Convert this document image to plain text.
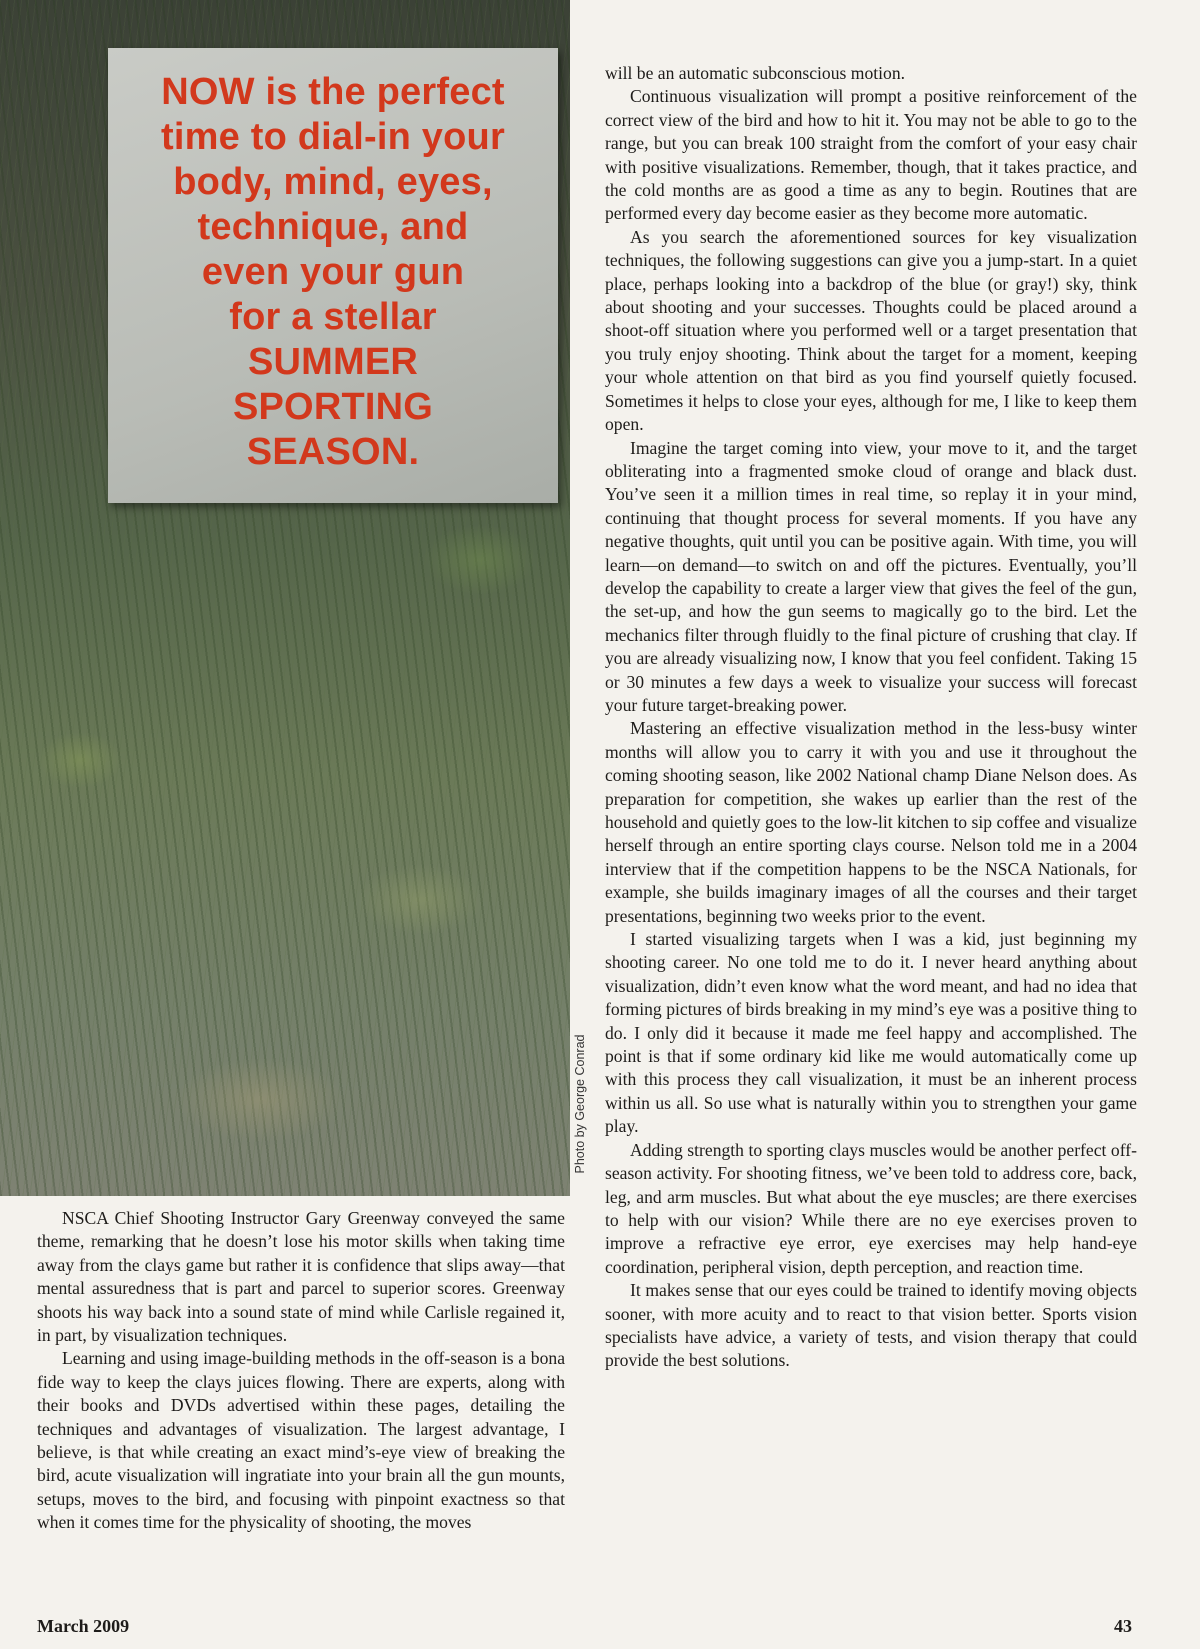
NOW is the perfect
time to dial-in your
body, mind, eyes,
technique, and
even your gun
for a stellar
SUMMER
SPORTING
SEASON.
Photo by George Conrad

will be an automatic subconscious motion.

Continuous visualization will prompt a positive reinforcement of the correct view of the bird and how to hit it. You may not be able to go to the range, but you can break 100 straight from the comfort of your easy chair with positive visualizations. Remember, though, that it takes practice, and the cold months are as good a time as any to begin. Routines that are performed every day become easier as they become more automatic.

As you search the aforementioned sources for key visualization techniques, the following suggestions can give you a jump-start. In a quiet place, perhaps looking into a backdrop of the blue (or gray!) sky, think about shooting and your successes. Thoughts could be placed around a shoot-off situation where you performed well or a target presentation that you truly enjoy shooting. Think about the target for a moment, keeping your whole attention on that bird as you find yourself quietly focused. Sometimes it helps to close your eyes, although for me, I like to keep them open.

Imagine the target coming into view, your move to it, and the target obliterating into a fragmented smoke cloud of orange and black dust. You’ve seen it a million times in real time, so replay it in your mind, continuing that thought process for several moments. If you have any negative thoughts, quit until you can be positive again. With time, you will learn—on demand—to switch on and off the pictures. Eventually, you’ll develop the capability to create a larger view that gives the feel of the gun, the set-up, and how the gun seems to magically go to the bird. Let the mechanics filter through fluidly to the final picture of crushing that clay. If you are already visualizing now, I know that you feel confident. Taking 15 or 30 minutes a few days a week to visualize your success will forecast your future target-breaking power.

Mastering an effective visualization method in the less-busy winter months will allow you to carry it with you and use it throughout the coming shooting season, like 2002 National champ Diane Nelson does. As preparation for competition, she wakes up earlier than the rest of the household and quietly goes to the low-lit kitchen to sip coffee and visualize herself through an entire sporting clays course. Nelson told me in a 2004 interview that if the competition happens to be the NSCA Nationals, for example, she builds imaginary images of all the courses and their target presentations, beginning two weeks prior to the event.

I started visualizing targets when I was a kid, just beginning my shooting career. No one told me to do it. I never heard anything about visualization, didn’t even know what the word meant, and had no idea that forming pictures of birds breaking in my mind’s eye was a positive thing to do. I only did it because it made me feel happy and accomplished. The point is that if some ordinary kid like me would automatically come up with this process they call visualization, it must be an inherent process within us all. So use what is naturally within you to strengthen your game play.

Adding strength to sporting clays muscles would be another perfect off-season activity. For shooting fitness, we’ve been told to address core, back, leg, and arm muscles. But what about the eye muscles; are there exercises to help with our vision? While there are no eye exercises proven to improve a refractive eye error, eye exercises may help hand-eye coordination, peripheral vision, depth perception, and reaction time.

It makes sense that our eyes could be trained to identify moving objects sooner, with more acuity and to react to that vision better. Sports vision specialists have advice, a variety of tests, and vision therapy that could provide the best solutions.

NSCA Chief Shooting Instructor Gary Greenway conveyed the same theme, remarking that he doesn’t lose his motor skills when taking time away from the clays game but rather it is confidence that slips away—that mental assuredness that is part and parcel to superior scores. Greenway shoots his way back into a sound state of mind while Carlisle regained it, in part, by visualization techniques.

Learning and using image-building methods in the off-season is a bona fide way to keep the clays juices flowing. There are experts, along with their books and DVDs advertised within these pages, detailing the techniques and advantages of visualization. The largest advantage, I believe, is that while creating an exact mind’s-eye view of breaking the bird, acute visualization will ingratiate into your brain all the gun mounts, setups, moves to the bird, and focusing with pinpoint exactness so that when it comes time for the physicality of shooting, the moves

March 2009	43
